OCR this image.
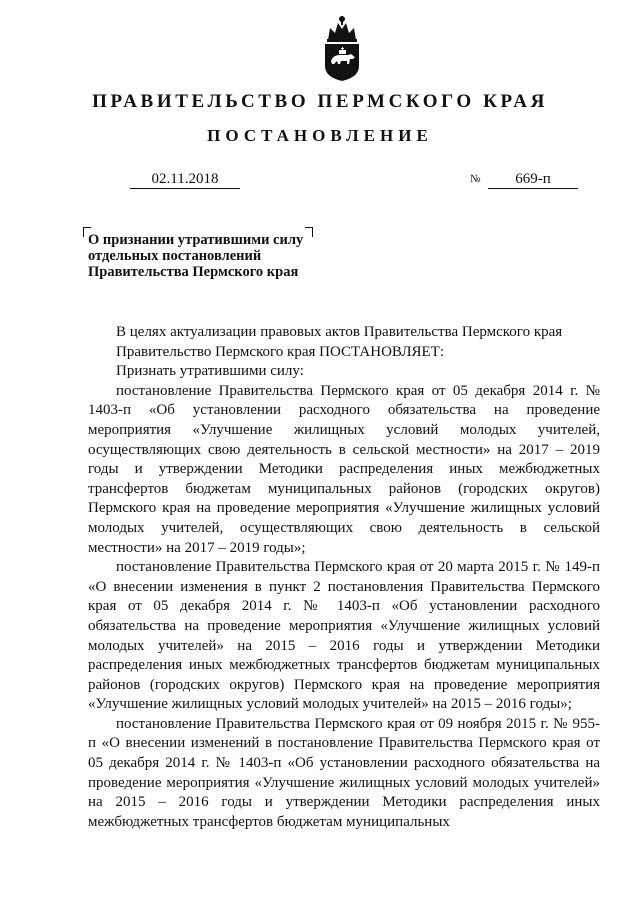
ПРАВИТЕЛЬСТВО ПЕРМСКОГО КРАЯ
ПОСТАНОВЛЕНИЕ
02.11.2018	№	669-п
О признании утратившими силу
отдельных постановлений
Правительства Пермского края

В целях актуализации правовых актов Правительства Пермского края

Правительство Пермского края ПОСТАНОВЛЯЕТ:

Признать утратившими силу:

постановление Правительства Пермского края от 05 декабря 2014 г. № 1403-п «Об установлении расходного обязательства на проведение мероприятия «Улучшение жилищных условий молодых учителей, осуществляющих свою деятельность в сельской местности» на 2017 – 2019 годы и утверждении Методики распределения иных межбюджетных трансфертов бюджетам муниципальных районов (городских округов) Пермского края на проведение мероприятия «Улучшение жилищных условий молодых учителей, осуществляющих свою деятельность в сельской местности» на 2017 – 2019 годы»;

постановление Правительства Пермского края от 20 марта 2015 г. № 149-п «О внесении изменения в пункт 2 постановления Правительства Пермского края от 05 декабря 2014 г. № 1403-п «Об установлении расходного обязательства на проведение мероприятия «Улучшение жилищных условий молодых учителей» на 2015 – 2016 годы и утверждении Методики распределения иных межбюджетных трансфертов бюджетам муниципальных районов (городских округов) Пермского края на проведение мероприятия «Улучшение жилищных условий молодых учителей» на 2015 – 2016 годы»;

постановление Правительства Пермского края от 09 ноября 2015 г. № 955-п «О внесении изменений в постановление Правительства Пермского края от 05 декабря 2014 г. № 1403-п «Об установлении расходного обязательства на проведение мероприятия «Улучшение жилищных условий молодых учителей» на 2015 – 2016 годы и утверждении Методики распределения иных межбюджетных трансфертов бюджетам муниципальных
